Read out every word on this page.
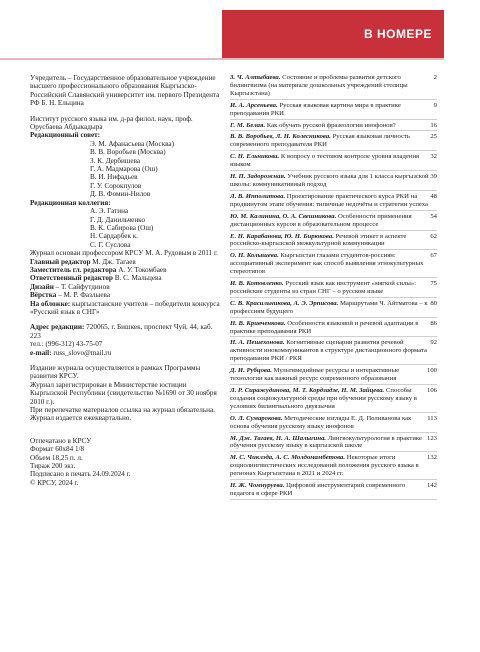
В НОМЕРЕ

Учредитель – Государственное образовательное учреждение высшего профессионального образования Кыргызско-Российский Славянский университет им. первого Президента РФ Б. Н. Ельцина

Институт русского языка им. д-ра филол. наук, проф. Орусбаева Абдыкадыра

Редакционный совет:

Э. М. Афанасьева (Москва)

В. В. Воробьев (Москва)

З. К. Дербишева

Г. А. Мадмарова (Ош)

В. И. Нифадьев

Г. У. Сорокпулов

Д. В. Фомин-Нилов

Редакционная коллегия:

А. Э. Гатина

Г. Д. Данильченко

В. К. Сабирова (Ош)

Н. Сардарбек к.

С. Г. Суслова

Журнал основан профессором КРСУ М. А. Рудовым в 2011 г.

Главный редактор М. Дж. Тагаев

Заместитель гл. редактора А. У. Токомбаев

Ответственный редактор В. С. Мальцева

Дизайн – Т. Сайфутдинов

Вёрстка – М. Р. Фазлыева

На обложке: кыргызстанские учителя – победители конкурса «Русский язык в СНГ»

Адрес редакции: 720065, г. Бишкек, проспект Чуй, 44, каб. 223

тел.: (996-312) 43-75-07

e-mail: russ_slovo@mail.ru

Издание журнала осуществляется в рамках Программы развития КРСУ.

Журнал зарегистрирован в Министерстве юстиции Кыргызской Республики (свидетельство №1690 от 30 ноября 2010 г.).

При перепечатке материалов ссылка на журнал обязательна.

Журнал издается ежеквартально.

Отпечатано в КРСУ

Формат 60х84 1/8

Объем 18,25 п. л.

Тираж 200 экз.

Подписано в печать 24.09.2024 г.

© КРСУ, 2024 г.

2
З. Ч. Алтыбаева. Состояние и проблемы развития детского билингвизма (на материале дошкольных учреждений столицы Кыргызстана)
9
И. А. Арсеньева. Русская языковая картина мира в практике преподавания РКИ
16
Г. М. Белая. Как обучать русской фразеологии инофонов?
25
В. В. Воробьев, Л. Н. Колесникова. Русская языковая личность современного преподавателя РКИ
32
С. Н. Ельникова. К вопросу о тестовом контроле уровня владения языком
39
Н. П. Задорожная. Учебник русского языка для 1 класса кыргызской школы: коммуникативный подход
48
Л. В. Ипполитова. Проектирование практического курса РКИ на продвинутом этапе обучения: типичные недочёты и стратегии успеха
54
Ю. М. Калинина, О. А. Свешникова. Особенности применения дистанционных курсов в образовательном процессе
62
Е. Н. Карабанова, Ю. Н. Бирюкова. Речевой этикет в аспекте российско-кыргызской межкультурной коммуникации
67
О. Н. Колышева. Кыргызстан глазами студентов-россиян: ассоциативный эксперимент как способ выявления этнокультурных стереотипов
75
И. В. Котовленко. Русский язык как инструмент «мягкой силы»: российские студенты из стран СНГ – о русском языке
80
С. В. Красильникова, А. Э. Эрписова. Маршрутами Ч. Айтматова – к профессиям будущего
86
Н. В. Кривченкова. Особенности языковой и речевой адаптации в практике преподавания РКИ
92
Н. А. Пешехонова. Когнитивные сценарии развития речевой активности инокоммуникантов в структуре дистанционного формата преподавания РКИ / РКЯ
100
Д. И. Рубцова. Мультимедийные ресурсы и интерактивные технологии как важный ресурс современного образования
106
Л. Р. Сиражудинова, М. Т. Кордзадзе, Н. М. Зайцева. Способы создания социокультурной среды при обучении русскому языку в условиях билингвального двуязычия
113
О. Л. Сумарокова. Методические взгляды Е. Д. Поливанова как основа обучения русскому языку инофонов
123
М. Дж. Тагаев, Н. А. Шалыгина. Лингвокультурология в практике обучения русскому языку в кыргызской школе
132
М. С. Чиклэда, А. С. Молдомамбетова. Некоторые итоги социолингвистических исследований положения русского языка в регионах Кыргызстана в 2021 и 2024 гг.
142
Н. Ж. Чомнуруева. Цифровой инструментарий современного педагога в сфере РКИ
